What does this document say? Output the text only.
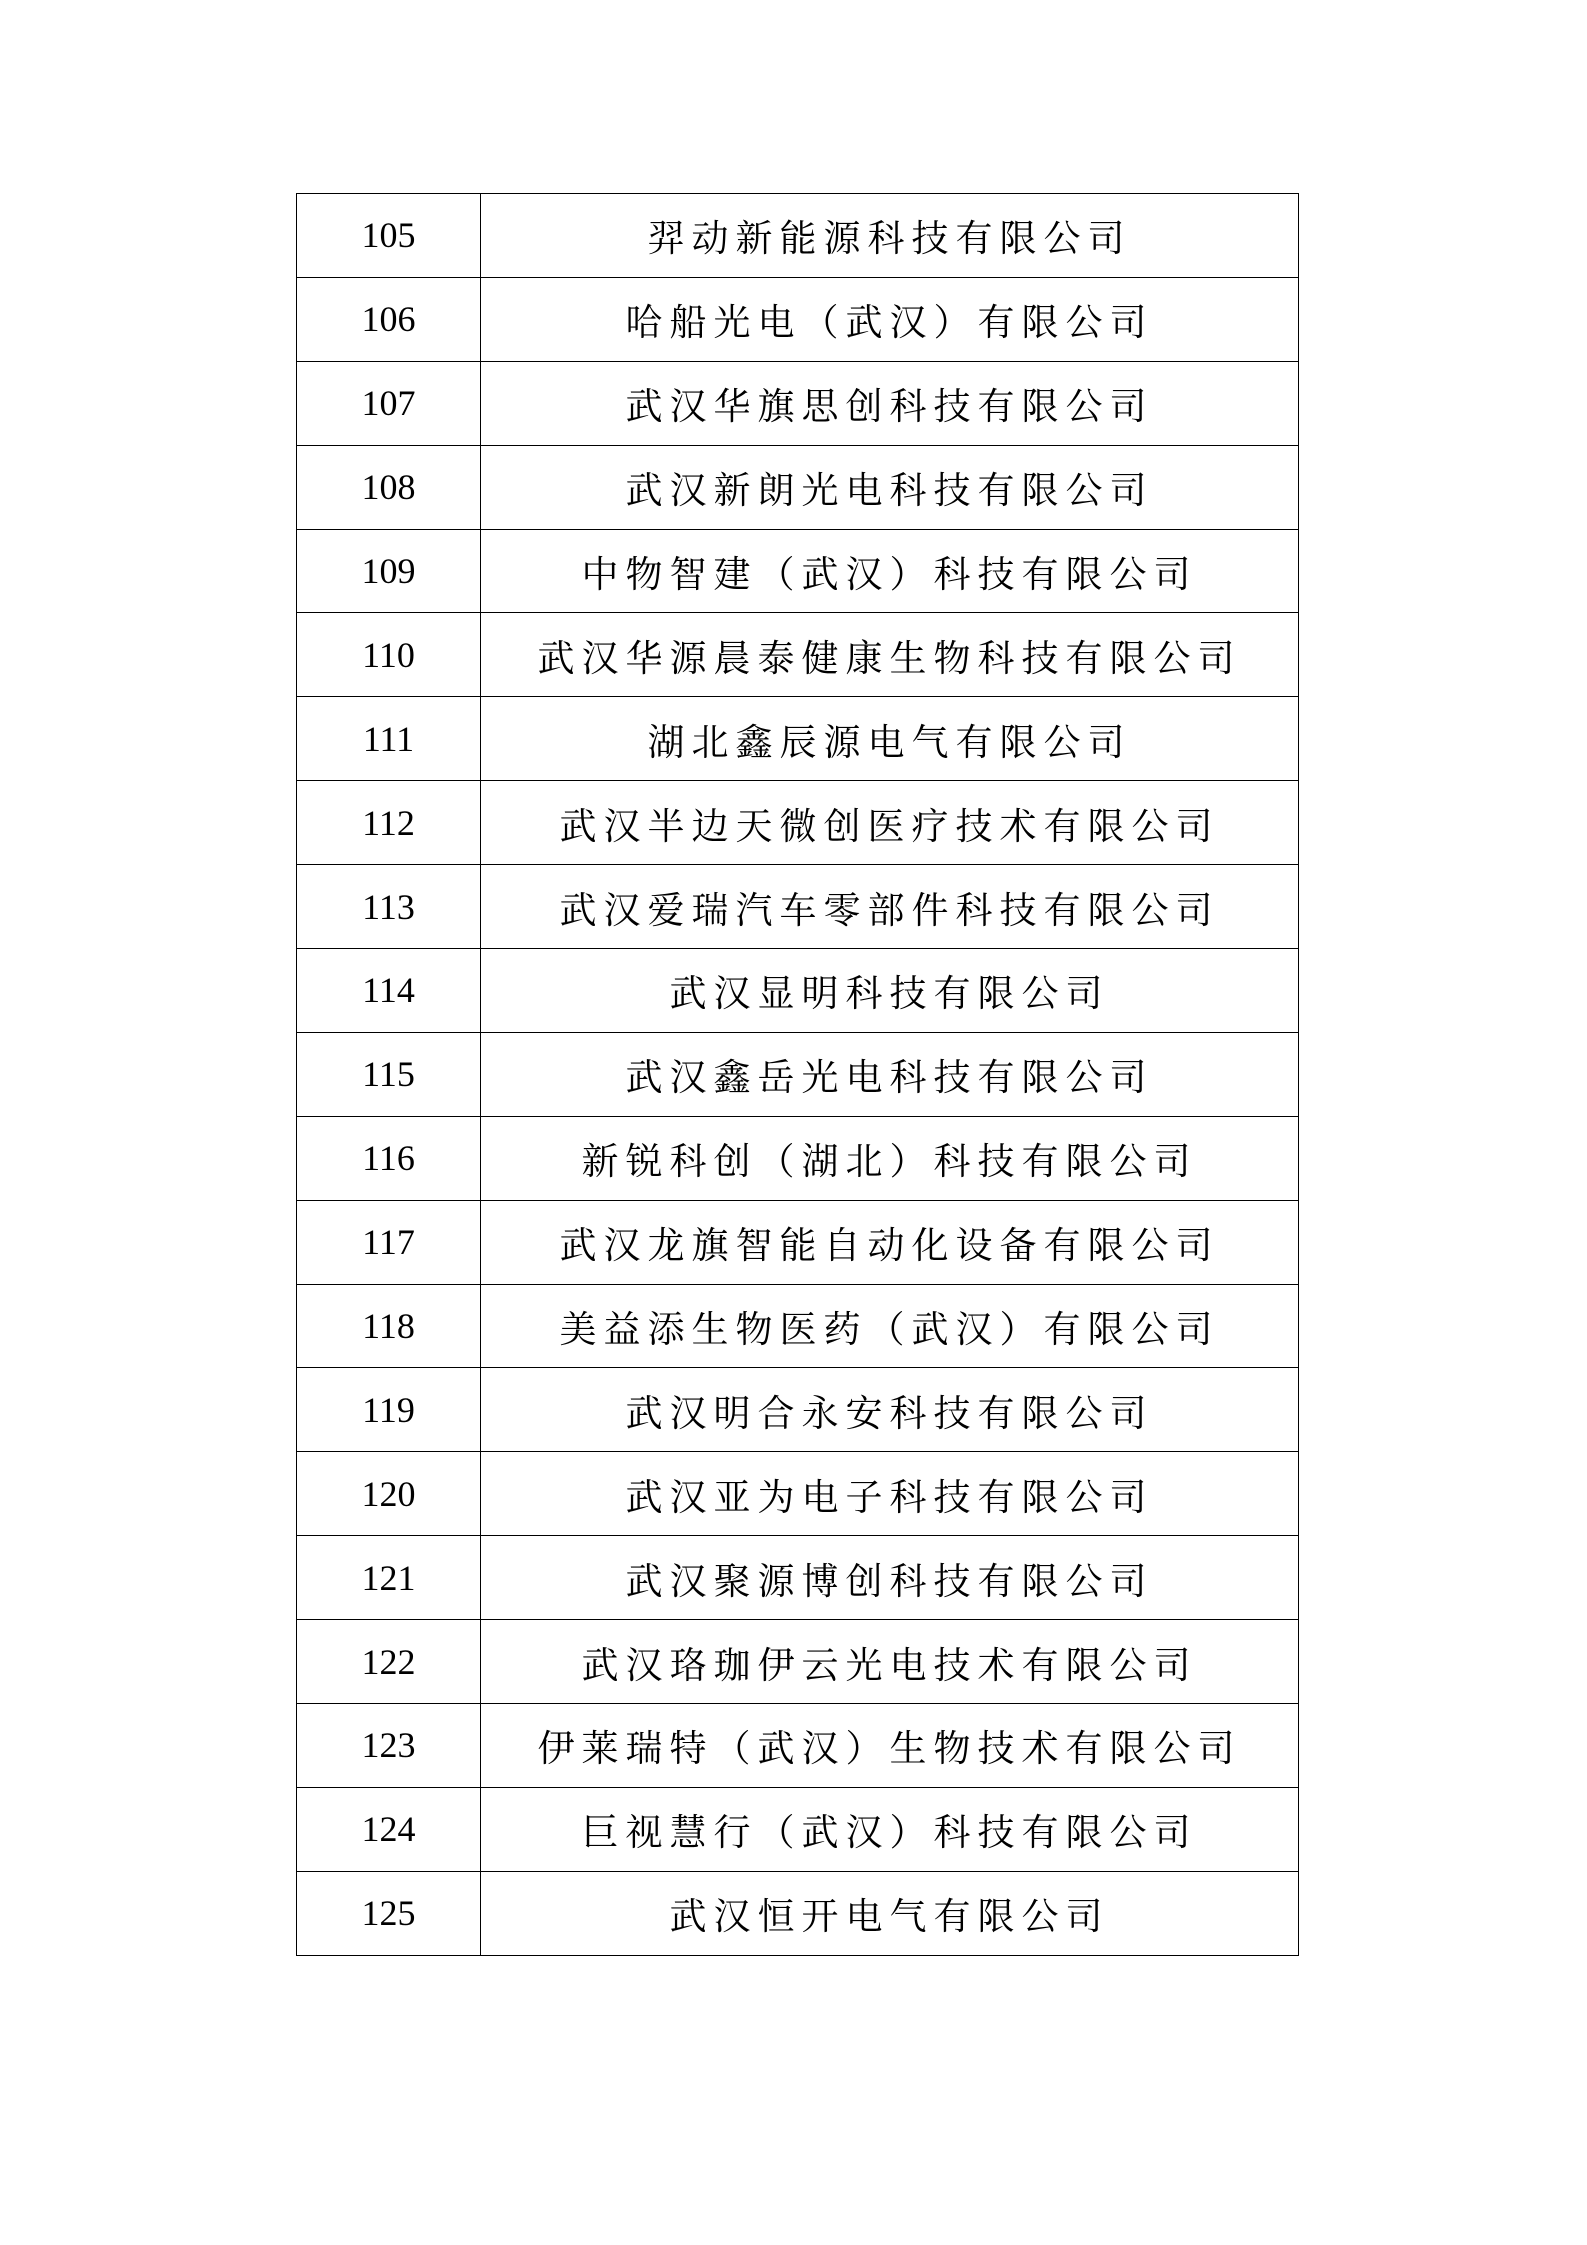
105	羿动新能源科技有限公司
106	哈船光电（武汉）有限公司
107	武汉华旗思创科技有限公司
108	武汉新朗光电科技有限公司
109	中物智建（武汉）科技有限公司
110	武汉华源晨泰健康生物科技有限公司
111	湖北鑫辰源电气有限公司
112	武汉半边天微创医疗技术有限公司
113	武汉爱瑞汽车零部件科技有限公司
114	武汉显明科技有限公司
115	武汉鑫岳光电科技有限公司
116	新锐科创（湖北）科技有限公司
117	武汉龙旗智能自动化设备有限公司
118	美益添生物医药（武汉）有限公司
119	武汉明合永安科技有限公司
120	武汉亚为电子科技有限公司
121	武汉聚源博创科技有限公司
122	武汉珞珈伊云光电技术有限公司
123	伊莱瑞特（武汉）生物技术有限公司
124	巨视慧行（武汉）科技有限公司
125	武汉恒开电气有限公司
